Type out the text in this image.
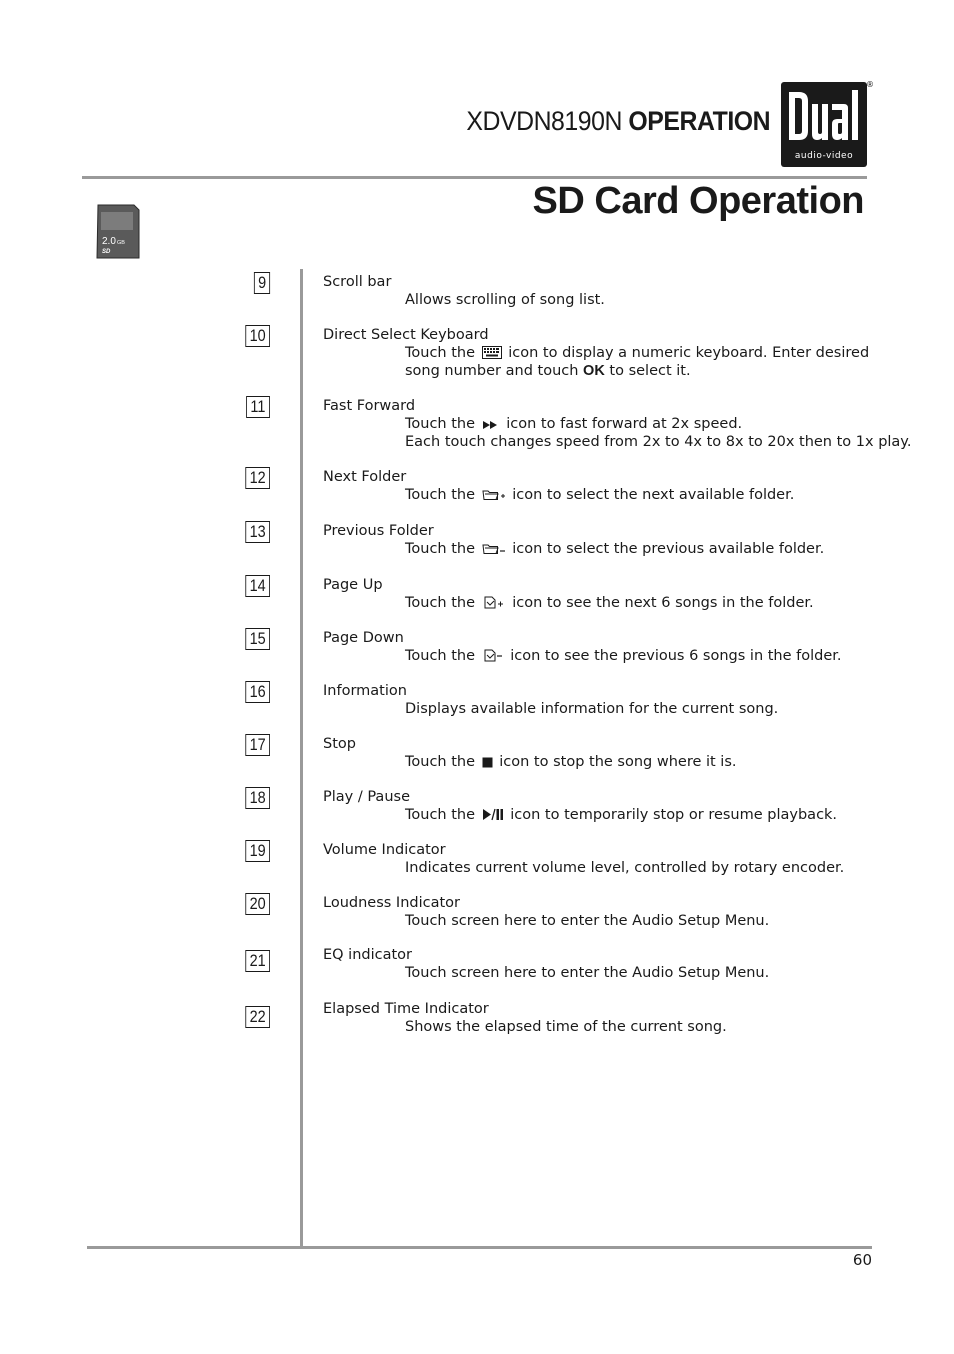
XDVDN8190N OPERATION
audio-video
®
SD Card Operation
2.0 GB
SD
9	Scroll bar
Allows scrolling of song list.
10	Direct Select Keyboard
Touch the icon to display a numeric keyboard. Enter desired
song number and touch OK to select it.
11	Fast Forward
Touch the icon to fast forward at 2x speed.
Each touch changes speed from 2x to 4x to 8x to 20x then to 1x play.
12	Next Folder
Touch the	icon to select the next available folder.
13	Previous Folder
Touch the	icon to select the previous available folder.
14	Page Up
Touch the	icon to see the next 6 songs in the folder.
15	Page Down
Touch the icon to see the previous 6 songs in the folder.
16	Information
Displays available information for the current song.
17	Stop
Touch the icon to stop the song where it is.
18	Play / Pause
Touch the icon to temporarily stop or resume playback.
19	Volume Indicator
Indicates current volume level, controlled by rotary encoder.
20	Loudness Indicator
Touch screen here to enter the Audio Setup Menu.
21	EQ indicator
Touch screen here to enter the Audio Setup Menu.
22	Elapsed Time Indicator
Shows the elapsed time of the current song.
60
